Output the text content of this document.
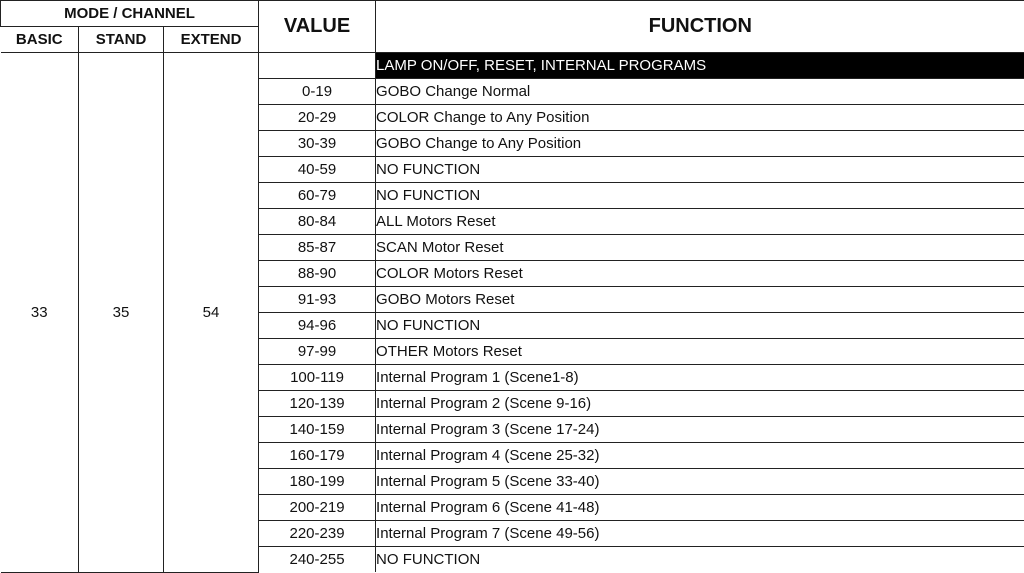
MODE / CHANNEL			VALUE	FUNCTION
BASIC	STAND	EXTEND		
33	35	54		LAMP ON/OFF, RESET, INTERNAL PROGRAMS
			0-19	GOBO Change Normal
			20-29	COLOR Change to Any Position
			30-39	GOBO Change to Any Position
			40-59	NO FUNCTION
			60-79	NO FUNCTION
			80-84	ALL Motors Reset
			85-87	SCAN Motor Reset
			88-90	COLOR Motors Reset
			91-93	GOBO Motors Reset
			94-96	NO FUNCTION
			97-99	OTHER Motors Reset
			100-119	Internal Program 1 (Scene1-8)
			120-139	Internal Program 2 (Scene 9-16)
			140-159	Internal Program 3 (Scene 17-24)
			160-179	Internal Program 4 (Scene 25-32)
			180-199	Internal Program 5 (Scene 33-40)
			200-219	Internal Program 6 (Scene 41-48)
			220-239	Internal Program 7 (Scene 49-56)
			240-255	NO FUNCTION
